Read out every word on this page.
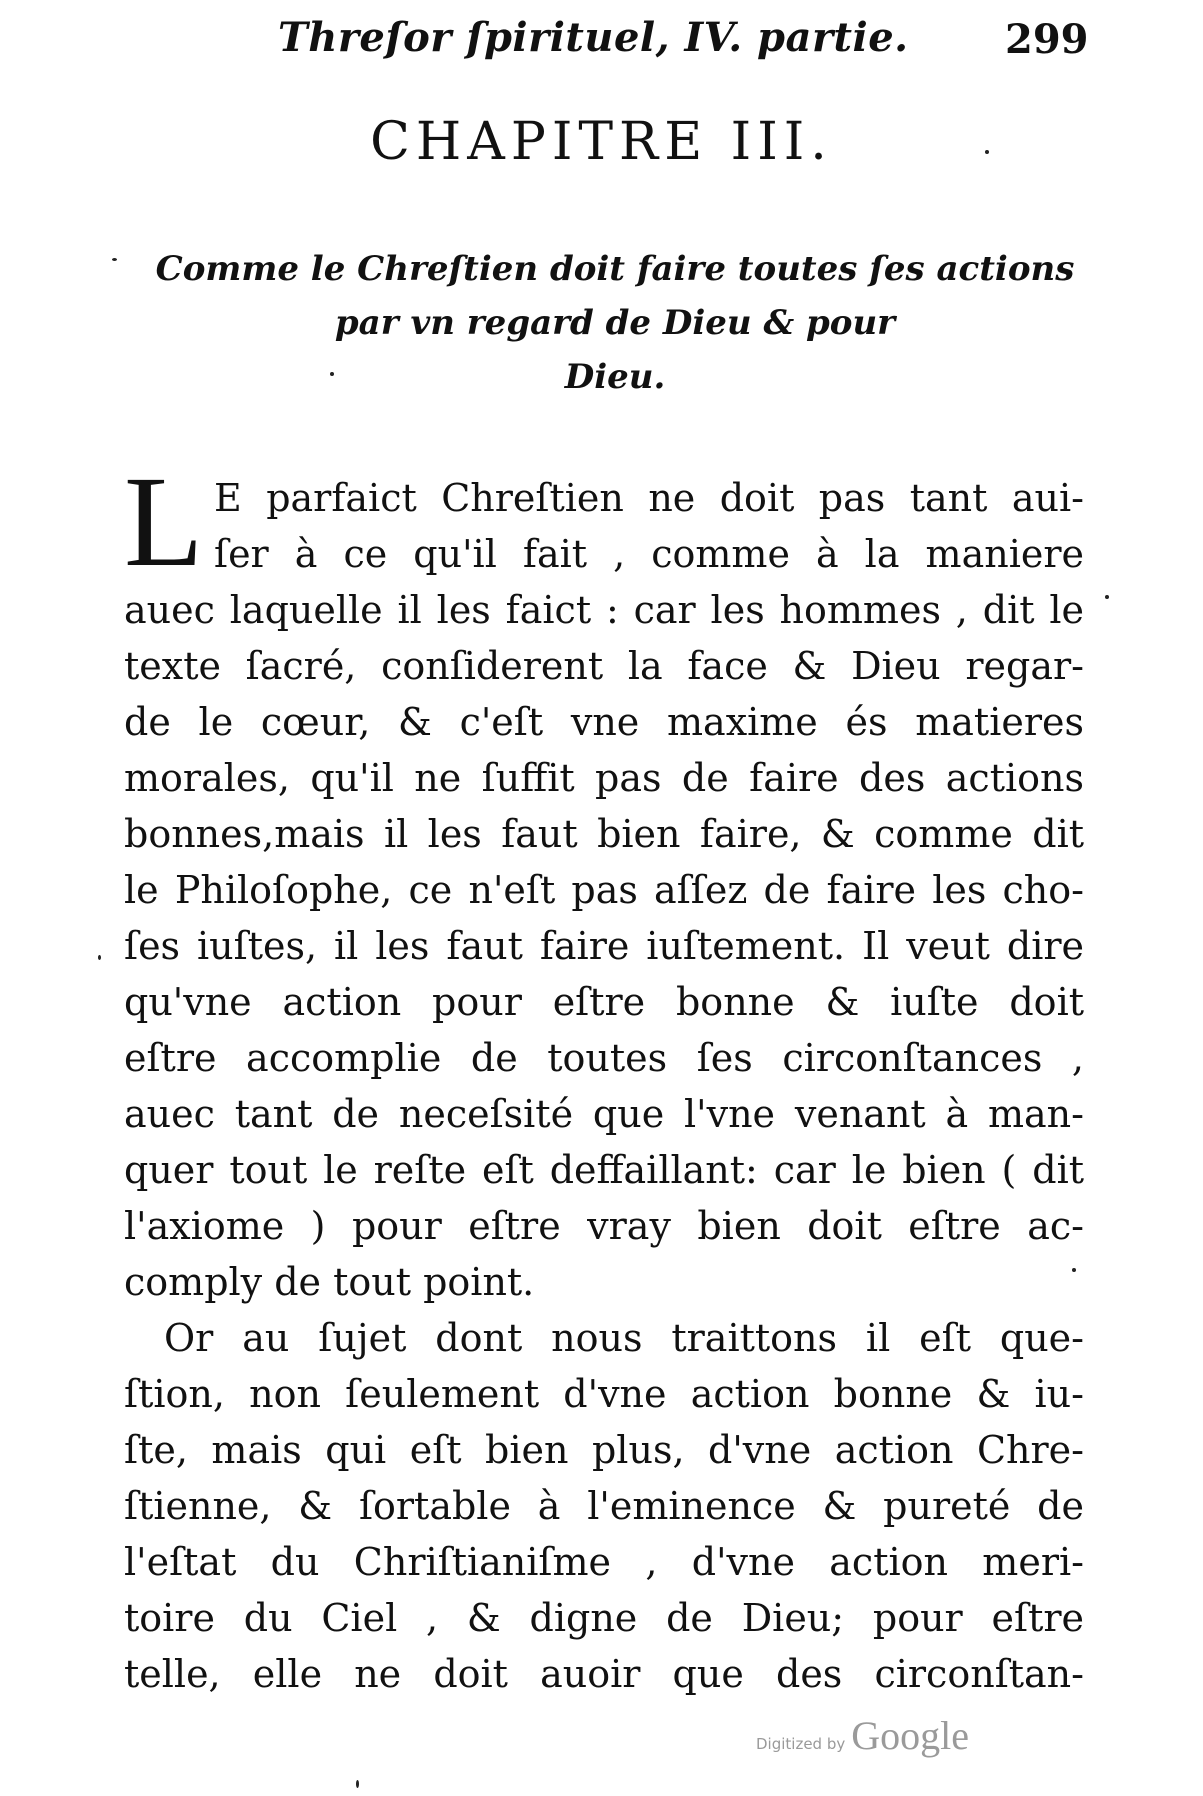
Threſor ſpirituel, IV. partie. 299
CHAPITRE III.
Comme le Chreſtien doit faire toutes ſes actions
par vn regard de Dieu & pour
Dieu.
L E parfaict Chreſtien ne doit pas tant aui-
ſer à ce qu'il fait , comme à la maniere
auec laquelle il les faict : car les hommes , dit le
texte ſacré, conſiderent la face & Dieu regar-
de le cœur, & c'eſt vne maxime és matieres
morales, qu'il ne ſuffit pas de faire des actions
bonnes,mais il les faut bien faire, & comme dit
le Philoſophe, ce n'eſt pas aſſez de faire les cho-
ſes iuſtes, il les faut faire iuſtement. Il veut dire
qu'vne action pour eſtre bonne & iuſte doit
eſtre accomplie de toutes ſes circonſtances ,
auec tant de neceſsité que l'vne venant à man-
quer tout le reſte eſt deffaillant: car le bien ( dit
l'axiome ) pour eſtre vray bien doit eſtre ac-
comply de tout point.
Or au ſujet dont nous traittons il eſt que-
ſtion, non ſeulement d'vne action bonne & iu-
ſte, mais qui eſt bien plus, d'vne action Chre-
ſtienne, & ſortable à l'eminence & pureté de
l'eſtat du Chriſtianiſme , d'vne action meri-
toire du Ciel , & digne de Dieu; pour eſtre
telle, elle ne doit auoir que des circonſtan-
Digitized by Google
